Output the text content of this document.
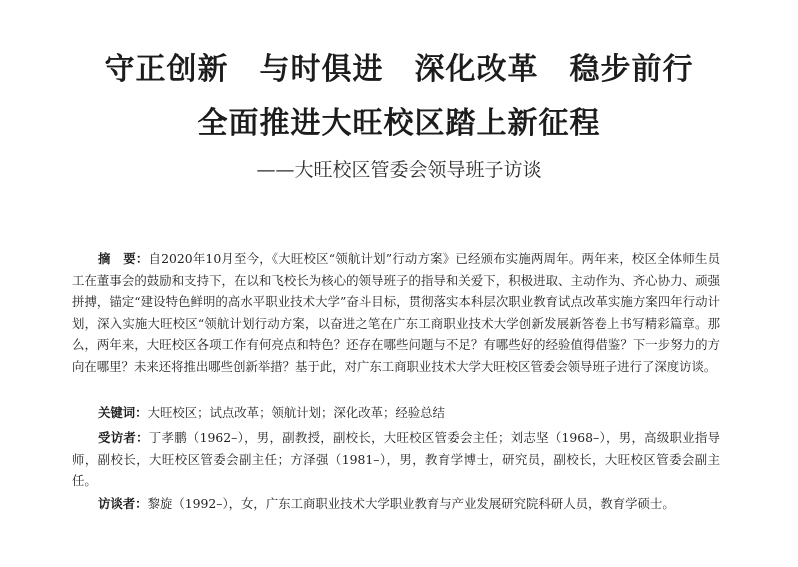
守正创新　与时俱进　深化改革　稳步前行
全面推进大旺校区踏上新征程
——大旺校区管委会领导班子访谈
摘　要：自2020年10月至今，《大旺校区“领航计划”行动方案》已经颁布实施两周年。两年来，校区全体师生员工在董事会的鼓励和支持下，在以和飞校长为核心的领导班子的指导和关爱下，积极进取、主动作为、齐心协力、顽强拼搏，锚定“建设特色鲜明的高水平职业技术大学”奋斗目标，贯彻落实本科层次职业教育试点改革实施方案四年行动计划，深入实施大旺校区“领航计划行动方案，以奋进之笔在广东工商职业技术大学创新发展新答卷上书写精彩篇章。那么，两年来，大旺校区各项工作有何亮点和特色？还存在哪些问题与不足？有哪些好的经验值得借鉴？下一步努力的方向在哪里？未来还将推出哪些创新举措？基于此，对广东工商职业技术大学大旺校区管委会领导班子进行了深度访谈。
关键词：大旺校区；试点改革；领航计划；深化改革；经验总结
受访者：丁孝鹏（1962–），男，副教授，副校长，大旺校区管委会主任；刘志坚（1968–），男，高级职业指导师，副校长，大旺校区管委会副主任；方泽强（1981–），男，教育学博士，研究员，副校长，大旺校区管委会副主任。
访谈者：黎旋（1992–），女，广东工商职业技术大学职业教育与产业发展研究院科研人员，教育学硕士。
